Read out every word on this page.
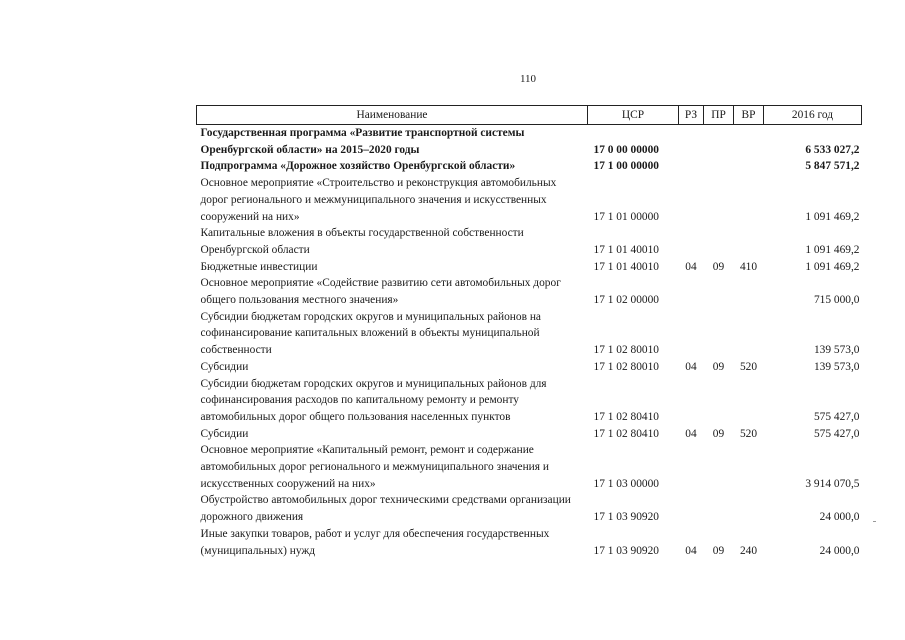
110
Наименование	ЦСР	РЗ	ПР	ВР	2016 год
Государственная программа «Развитие транспортной системы Оренбургской области» на 2015–2020 годы	17 0 00 00000				6 533 027,2
Подпрограмма «Дорожное хозяйство Оренбургской области»	17 1 00 00000				5 847 571,2
Основное мероприятие «Строительство и реконструкция автомобильных дорог регионального и межмуниципального значения и искусственных сооружений на них»	17 1 01 00000				1 091 469,2
Капитальные вложения в объекты государственной собственности Оренбургской области	17 1 01 40010				1 091 469,2
Бюджетные инвестиции	17 1 01 40010	04	09	410	1 091 469,2
Основное мероприятие «Содействие развитию сети автомобильных дорог общего пользования местного значения»	17 1 02 00000				715 000,0
Субсидии бюджетам городских округов и муниципальных районов на софинансирование капитальных вложений в объекты муниципальной собственности	17 1 02 80010				139 573,0
Субсидии	17 1 02 80010	04	09	520	139 573,0
Субсидии бюджетам городских округов и муниципальных районов для софинансирования расходов по капитальному ремонту и ремонту автомобильных дорог общего пользования населенных пунктов	17 1 02 80410				575 427,0
Субсидии	17 1 02 80410	04	09	520	575 427,0
Основное мероприятие «Капитальный ремонт, ремонт и содержание автомобильных дорог регионального и межмуниципального значения и искусственных сооружений на них»	17 1 03 00000				3 914 070,5
Обустройство автомобильных дорог техническими средствами организации дорожного движения	17 1 03 90920				24 000,0
Иные закупки товаров, работ и услуг для обеспечения государственных (муниципальных) нужд	17 1 03 90920	04	09	240	24 000,0
